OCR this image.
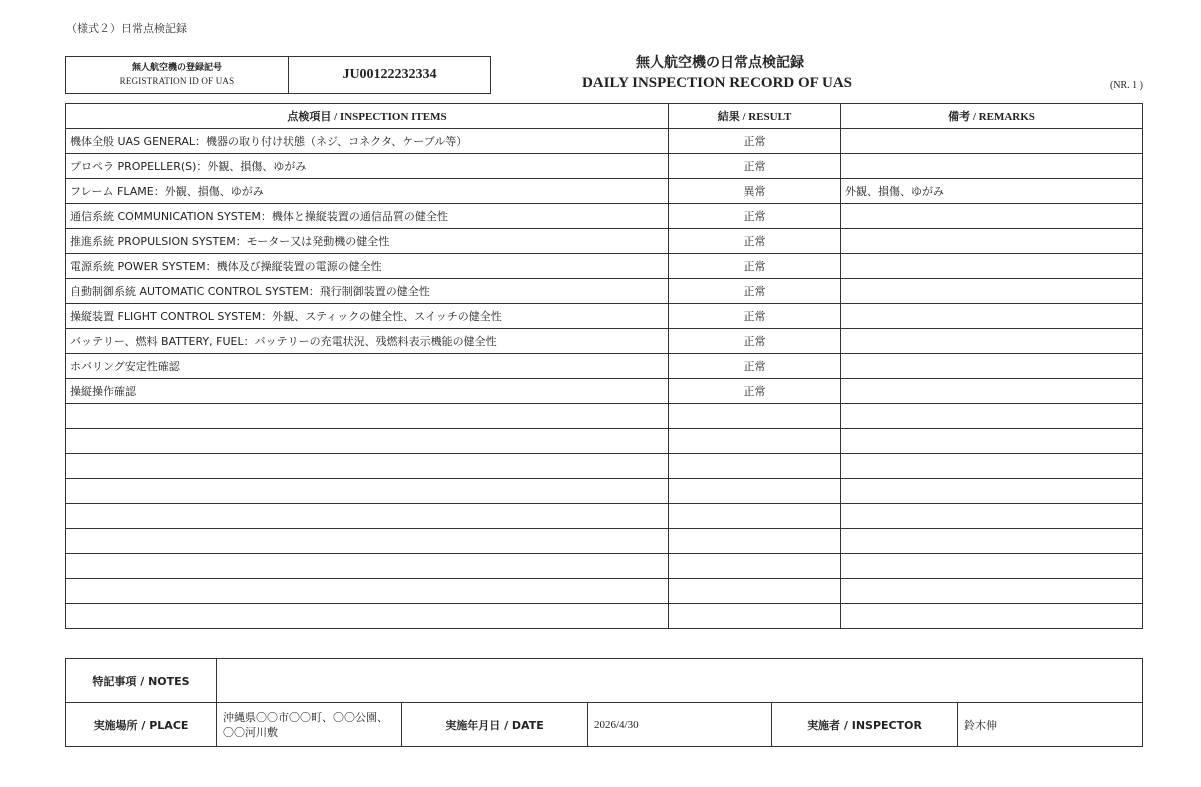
（様式２）日常点検記録
無人航空機の登録記号
REGISTRATION ID OF UAS	JU00122232334
無人航空機の日常点検記録
DAILY INSPECTION RECORD OF UAS	(NR. 1 )
点検項目 / INSPECTION ITEMS	結果 / RESULT	備考 / REMARKS
機体全般 UAS GENERAL：機器の取り付け状態（ネジ、コネクタ、ケーブル等）	正常	
プロペラ PROPELLER(S)：外観、損傷、ゆがみ	正常	
フレーム FLAME：外観、損傷、ゆがみ	異常	外観、損傷、ゆがみ
通信系統 COMMUNICATION SYSTEM：機体と操縦装置の通信品質の健全性	正常	
推進系統 PROPULSION SYSTEM：モーター又は発動機の健全性	正常	
電源系統 POWER SYSTEM：機体及び操縦装置の電源の健全性	正常	
自動制御系統 AUTOMATIC CONTROL SYSTEM：飛行制御装置の健全性	正常	
操縦装置 FLIGHT CONTROL SYSTEM：外観、スティックの健全性、スイッチの健全性	正常	
バッテリー、燃料 BATTERY, FUEL：バッテリーの充電状況、残燃料表示機能の健全性	正常	
ホバリング安定性確認	正常	
操縦操作確認	正常	

特記事項 / NOTES					
実施場所 / PLACE	沖縄県〇〇市〇〇町、〇〇公園、〇〇河川敷	実施年月日 / DATE	2026/4/30	実施者 / INSPECTOR	鈴木伸
